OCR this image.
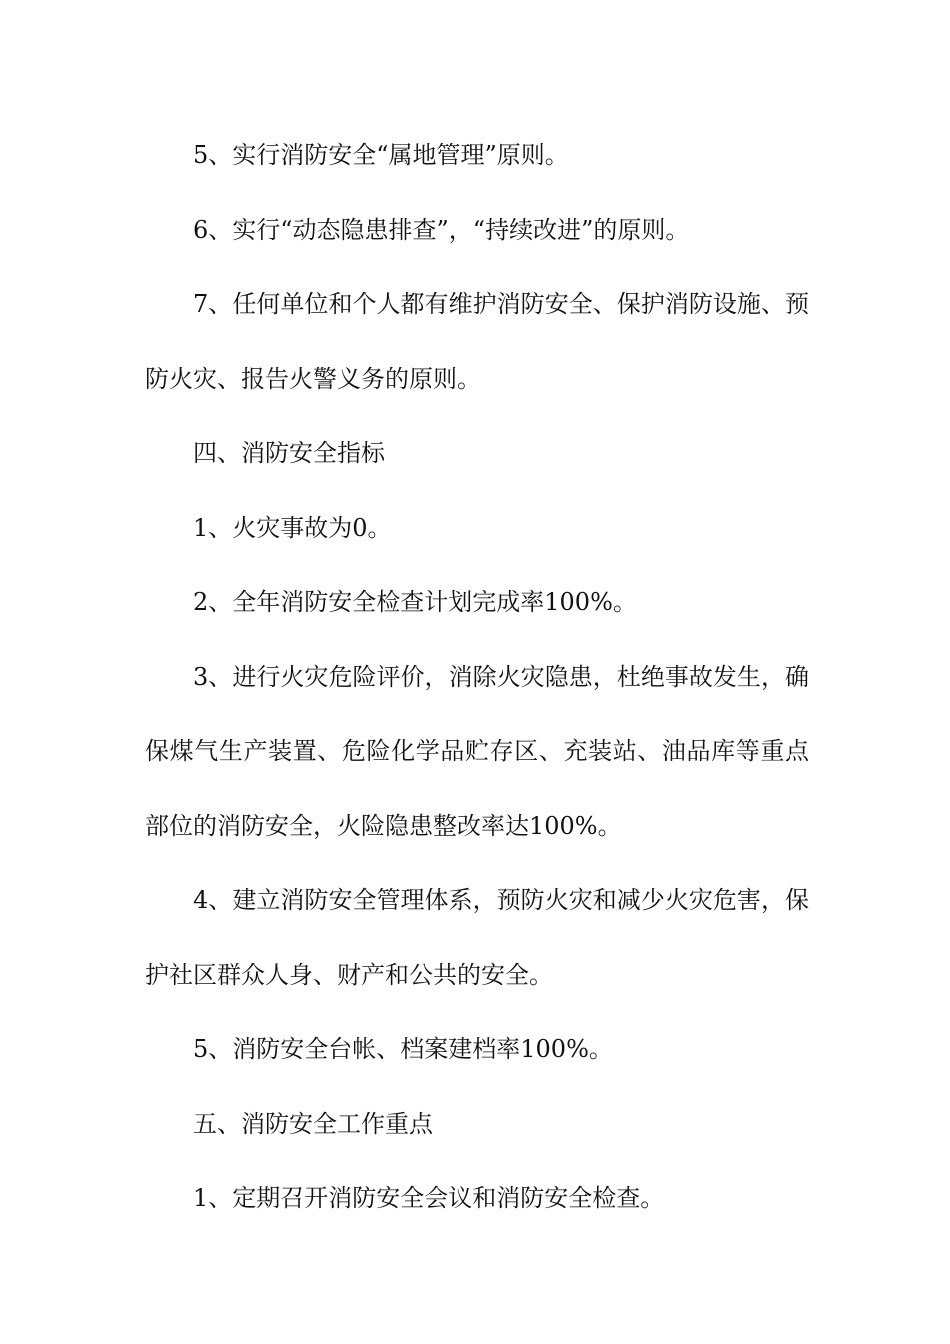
5、实行消防安全“属地管理”原则。

6、实行“动态隐患排查”，“持续改进”的原则。

7、任何单位和个人都有维护消防安全、保护消防设施、预防火灾、报告火警义务的原则。

四、消防安全指标

1、火灾事故为0。

2、全年消防安全检查计划完成率100%。

3、进行火灾危险评价，消除火灾隐患，杜绝事故发生，确保煤气生产装置、危险化学品贮存区、充装站、油品库等重点部位的消防安全，火险隐患整改率达100%。

4、建立消防安全管理体系，预防火灾和减少火灾危害，保护社区群众人身、财产和公共的安全。

5、消防安全台帐、档案建档率100%。

五、消防安全工作重点

1、定期召开消防安全会议和消防安全检查。
